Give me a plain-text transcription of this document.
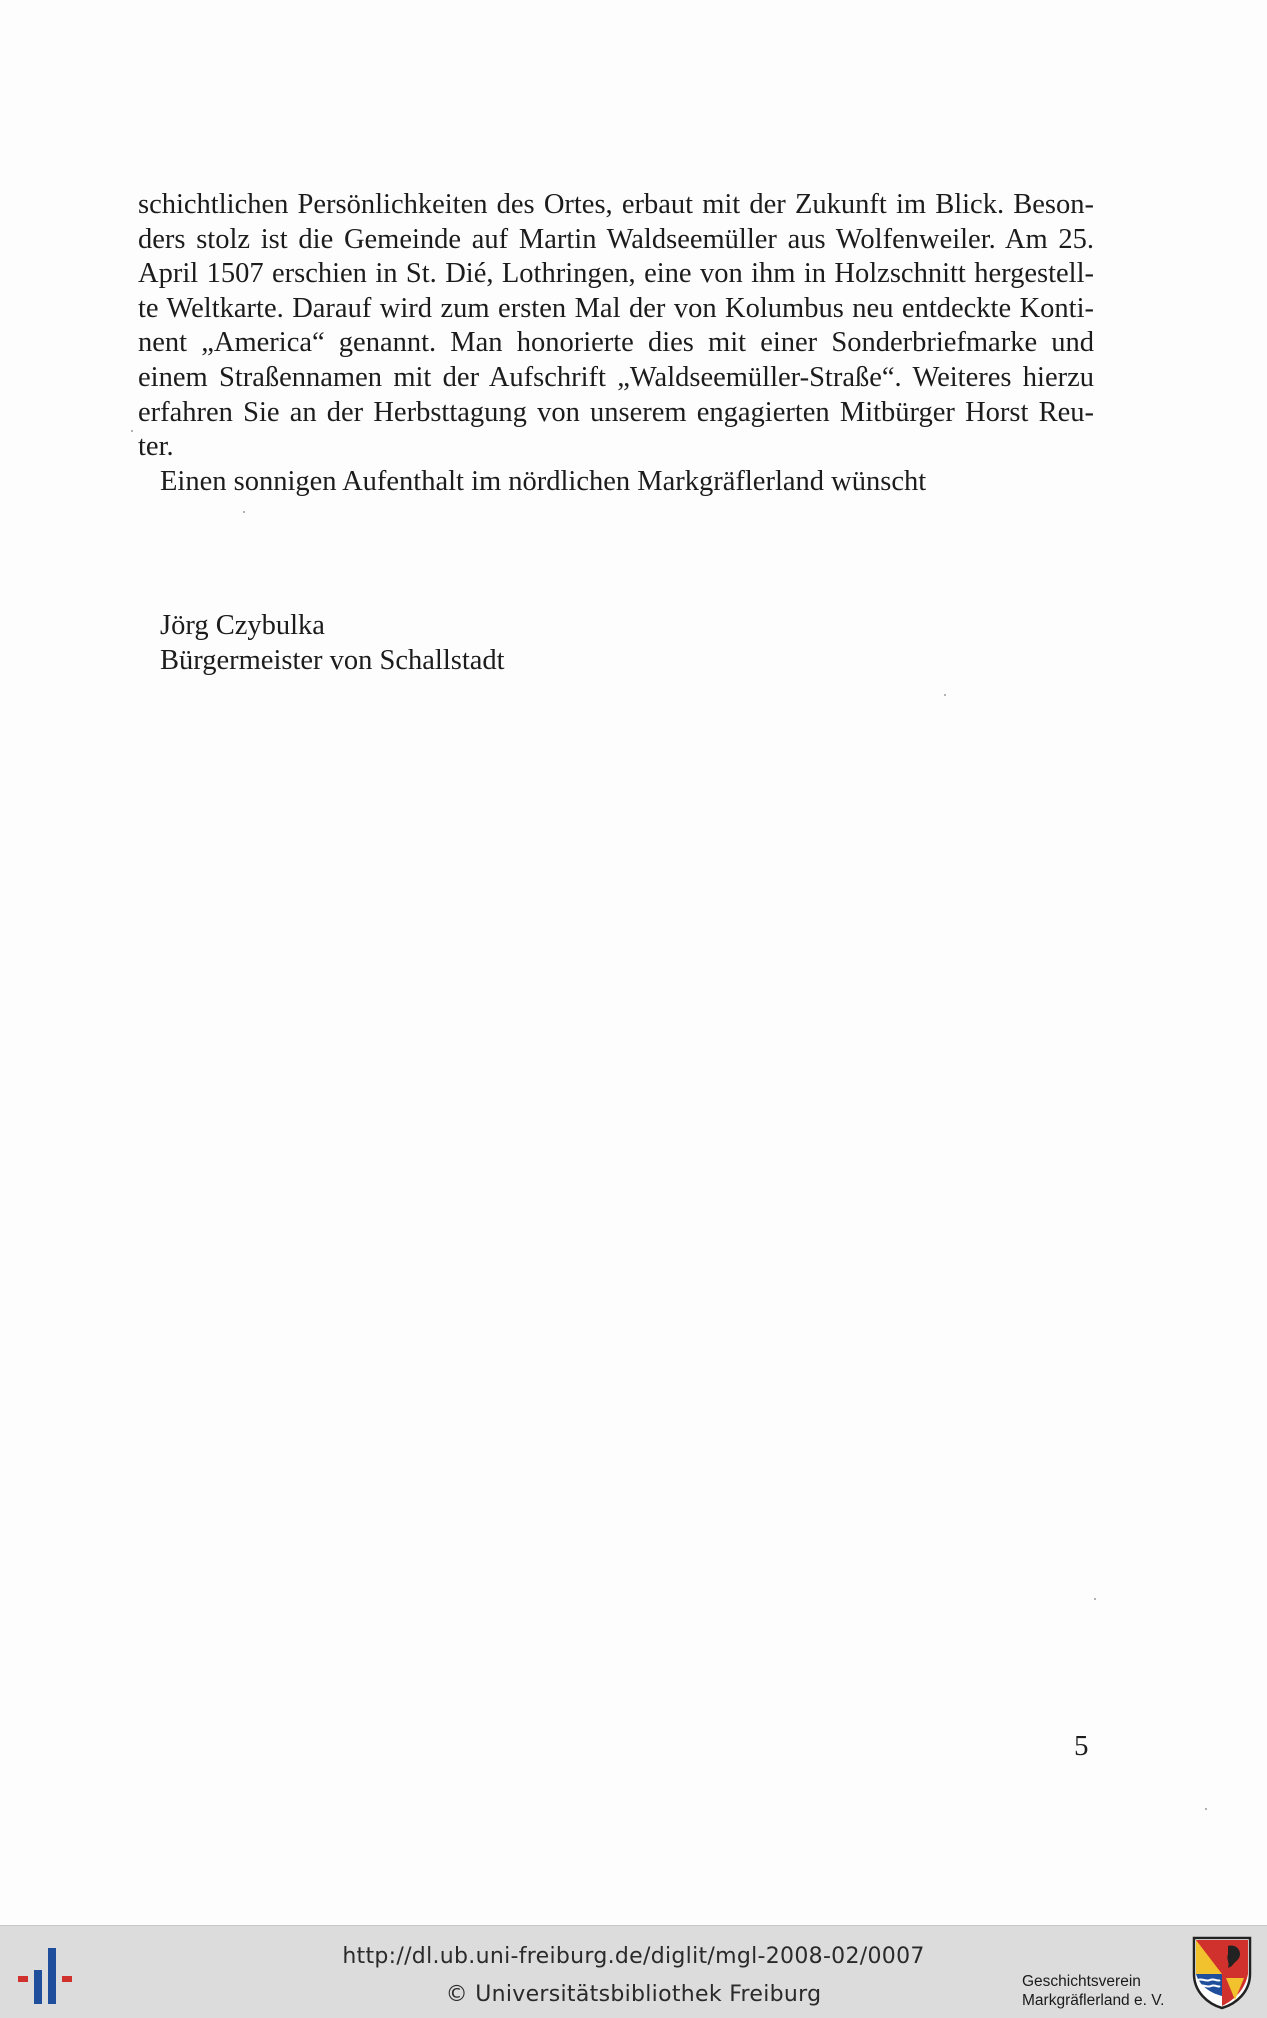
schichtlichen Persönlichkeiten des Ortes, erbaut mit der Zukunft im Blick. Beson-
ders stolz ist die Gemeinde auf Martin Waldseemüller aus Wolfenweiler. Am 25.
April 1507 erschien in St. Dié, Lothringen, eine von ihm in Holzschnitt hergestell-
te Weltkarte. Darauf wird zum ersten Mal der von Kolumbus neu entdeckte Konti-
nent „America“ genannt. Man honorierte dies mit einer Sonderbriefmarke und
einem Straßennamen mit der Aufschrift „Waldseemüller-Straße“. Weiteres hierzu
erfahren Sie an der Herbsttagung von unserem engagierten Mitbürger Horst Reu-
ter.

Einen sonnigen Aufenthalt im nördlichen Markgräflerland wünscht

Jörg Czybulka
Bürgermeister von Schallstadt
5
http://dl.ub.uni-freiburg.de/diglit/mgl-2008-02/0007
© Universitätsbibliothek Freiburg
Geschichtsverein
Markgräflerland e. V.
